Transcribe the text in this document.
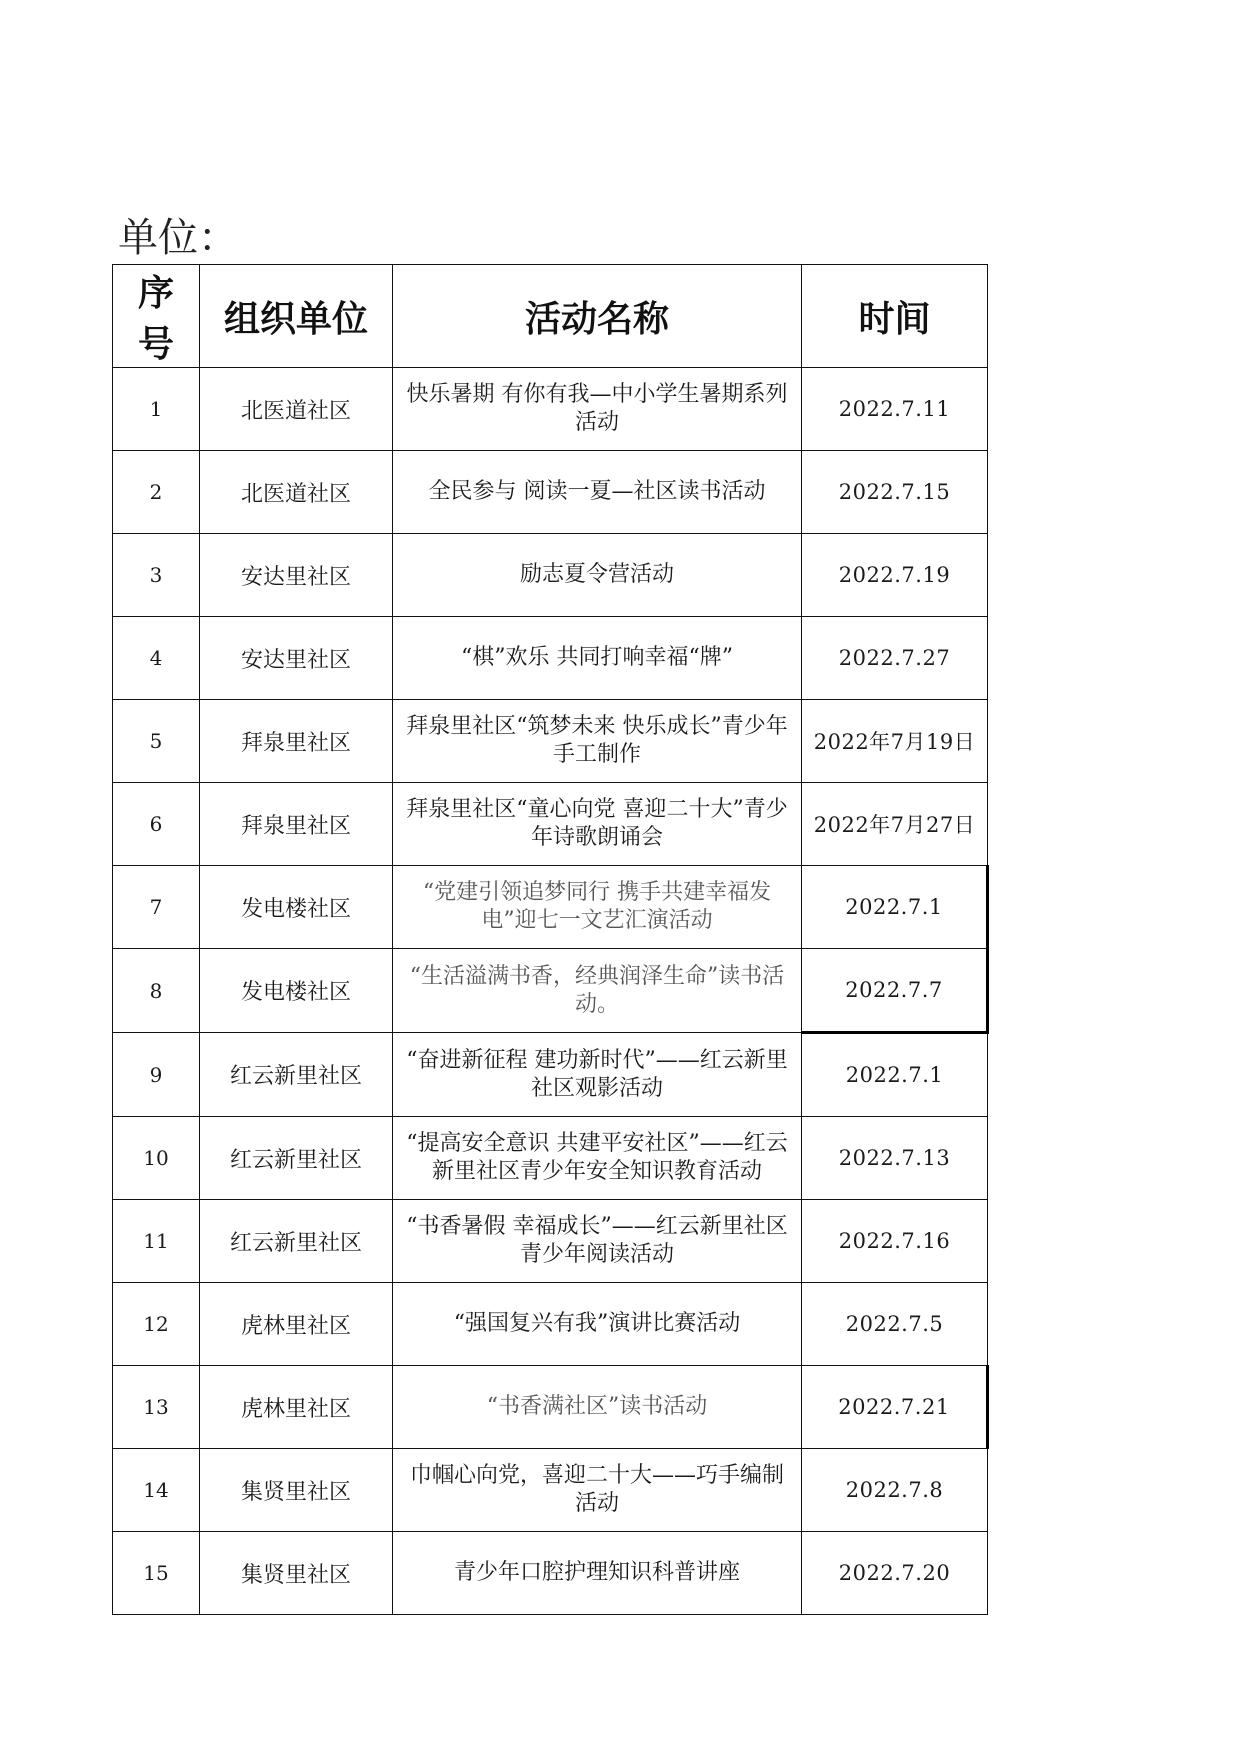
单位：
序号	组织单位	活动名称	时间
1	北医道社区	快乐暑期 有你有我—中小学生暑期系列活动	2022.7.11
2	北医道社区	全民参与 阅读一夏—社区读书活动	2022.7.15
3	安达里社区	励志夏令营活动	2022.7.19
4	安达里社区	“棋”欢乐 共同打响幸福“牌”	2022.7.27
5	拜泉里社区	拜泉里社区“筑梦未来 快乐成长”青少年手工制作	2022年7月19日
6	拜泉里社区	拜泉里社区“童心向党 喜迎二十大”青少年诗歌朗诵会	2022年7月27日
7	发电楼社区	“党建引领追梦同行 携手共建幸福发电”迎七一文艺汇演活动	2022.7.1
8	发电楼社区	“生活溢满书香，经典润泽生命”读书活动。	2022.7.7
9	红云新里社区	“奋进新征程 建功新时代”——红云新里社区观影活动	2022.7.1
10	红云新里社区	“提高安全意识 共建平安社区”——红云新里社区青少年安全知识教育活动	2022.7.13
11	红云新里社区	“书香暑假 幸福成长”——红云新里社区青少年阅读活动	2022.7.16
12	虎林里社区	“强国复兴有我”演讲比赛活动	2022.7.5
13	虎林里社区	“书香满社区”读书活动	2022.7.21
14	集贤里社区	巾帼心向党，喜迎二十大——巧手编制活动	2022.7.8
15	集贤里社区	青少年口腔护理知识科普讲座	2022.7.20
